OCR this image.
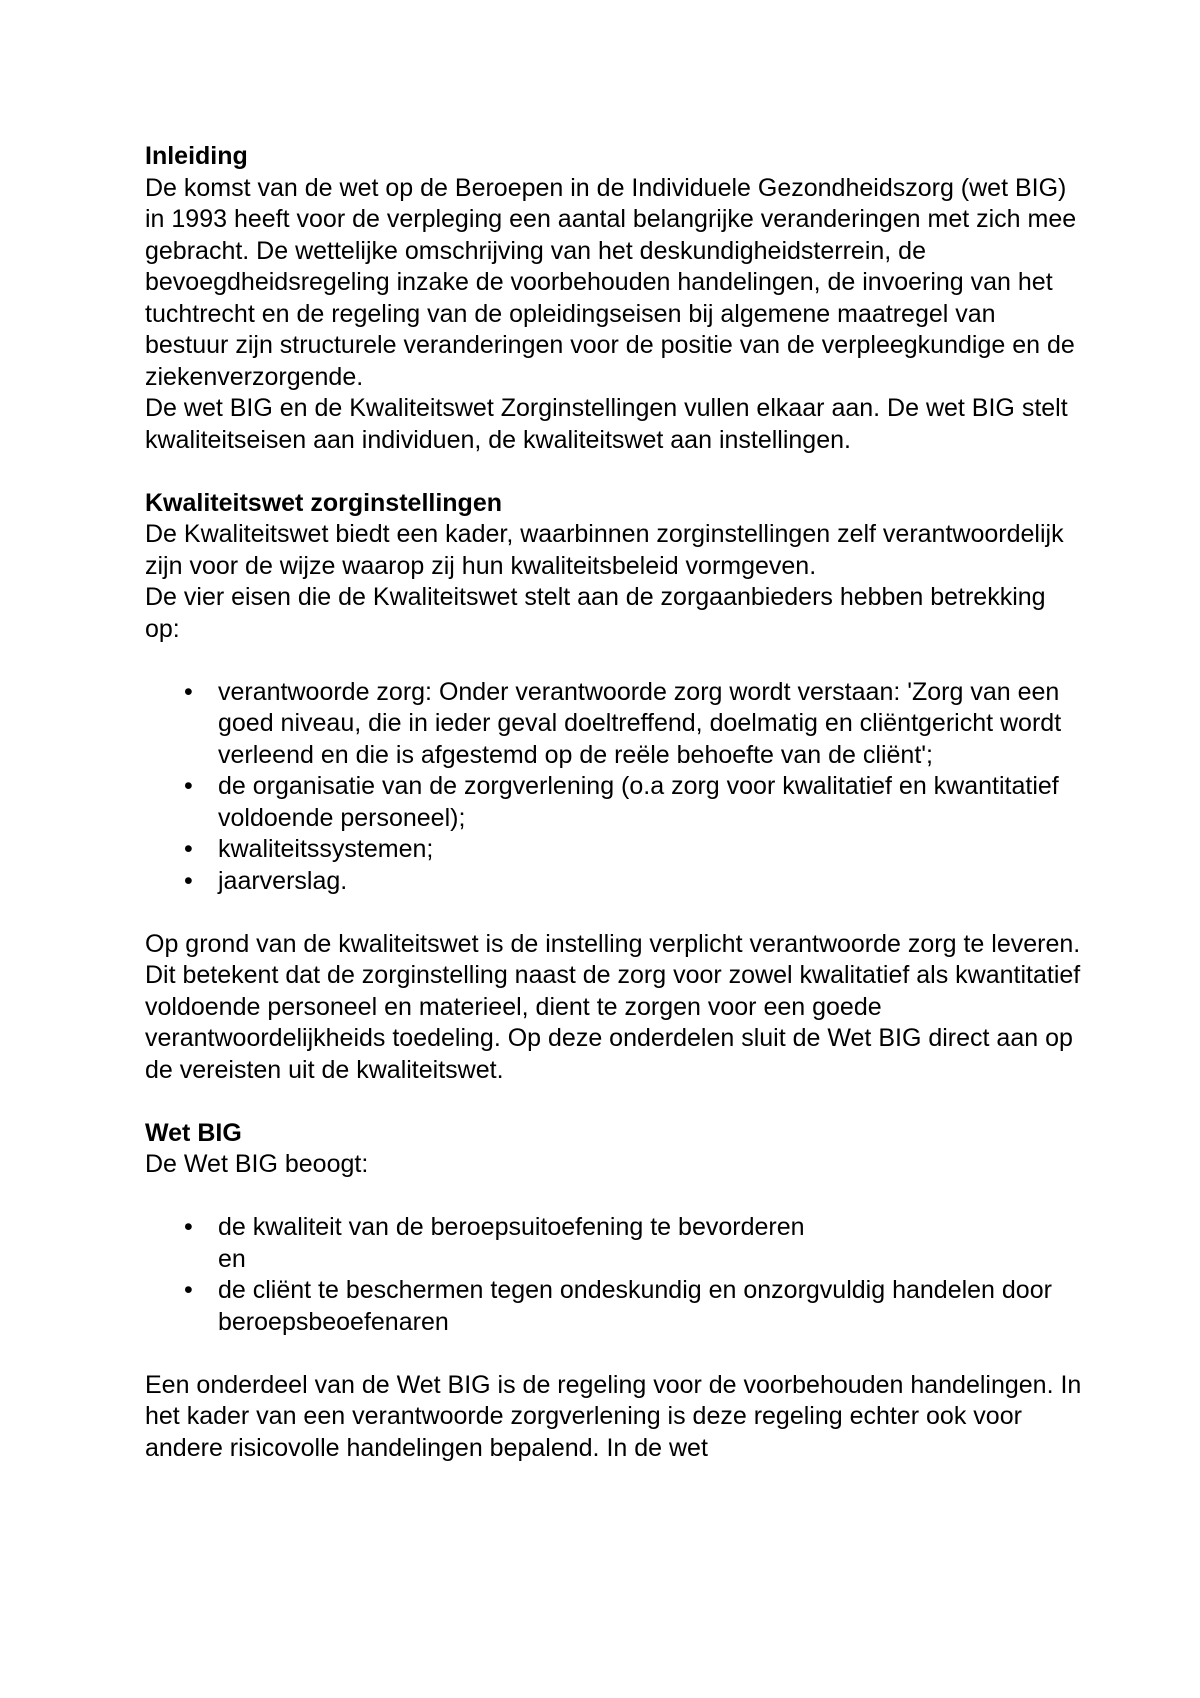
Inleiding

De komst van de wet op de Beroepen in de Individuele Gezondheidszorg (wet BIG) in 1993 heeft voor de verpleging een aantal belangrijke veranderingen met zich mee gebracht. De wettelijke omschrijving van het deskundigheidsterrein, de bevoegdheidsregeling inzake de voorbehouden handelingen, de invoering van het tuchtrecht en de regeling van de opleidingseisen bij algemene maatregel van bestuur zijn structurele veranderingen voor de positie van de verpleegkundige en de ziekenverzorgende.

De wet BIG en de Kwaliteitswet Zorginstellingen vullen elkaar aan. De wet BIG stelt kwaliteitseisen aan individuen, de kwaliteitswet aan instellingen.

Kwaliteitswet zorginstellingen

De Kwaliteitswet biedt een kader, waarbinnen zorginstellingen zelf verantwoordelijk zijn voor de wijze waarop zij hun kwaliteitsbeleid vormgeven.

De vier eisen die de Kwaliteitswet stelt aan de zorgaanbieders hebben betrekking op:

• verantwoorde zorg: Onder verantwoorde zorg wordt verstaan: 'Zorg van een goed niveau, die in ieder geval doeltreffend, doelmatig en cliëntgericht wordt verleend en die is afgestemd op de reële behoefte van de cliënt';
• de organisatie van de zorgverlening (o.a zorg voor kwalitatief en kwantitatief voldoende personeel);
• kwaliteitssystemen;
• jaarverslag.

Op grond van de kwaliteitswet is de instelling verplicht verantwoorde zorg te leveren. Dit betekent dat de zorginstelling naast de zorg voor zowel kwalitatief als kwantitatief voldoende personeel en materieel, dient te zorgen voor een goede verantwoordelijkheids toedeling. Op deze onderdelen sluit de Wet BIG direct aan op de vereisten uit de kwaliteitswet.

Wet BIG

De Wet BIG beoogt:

• de kwaliteit van de beroepsuitoefening te bevorderen
en
• de cliënt te beschermen tegen ondeskundig en onzorgvuldig handelen door beroepsbeoefenaren

Een onderdeel van de Wet BIG is de regeling voor de voorbehouden handelingen. In het kader van een verantwoorde zorgverlening is deze regeling echter ook voor andere risicovolle handelingen bepalend. In de wet
